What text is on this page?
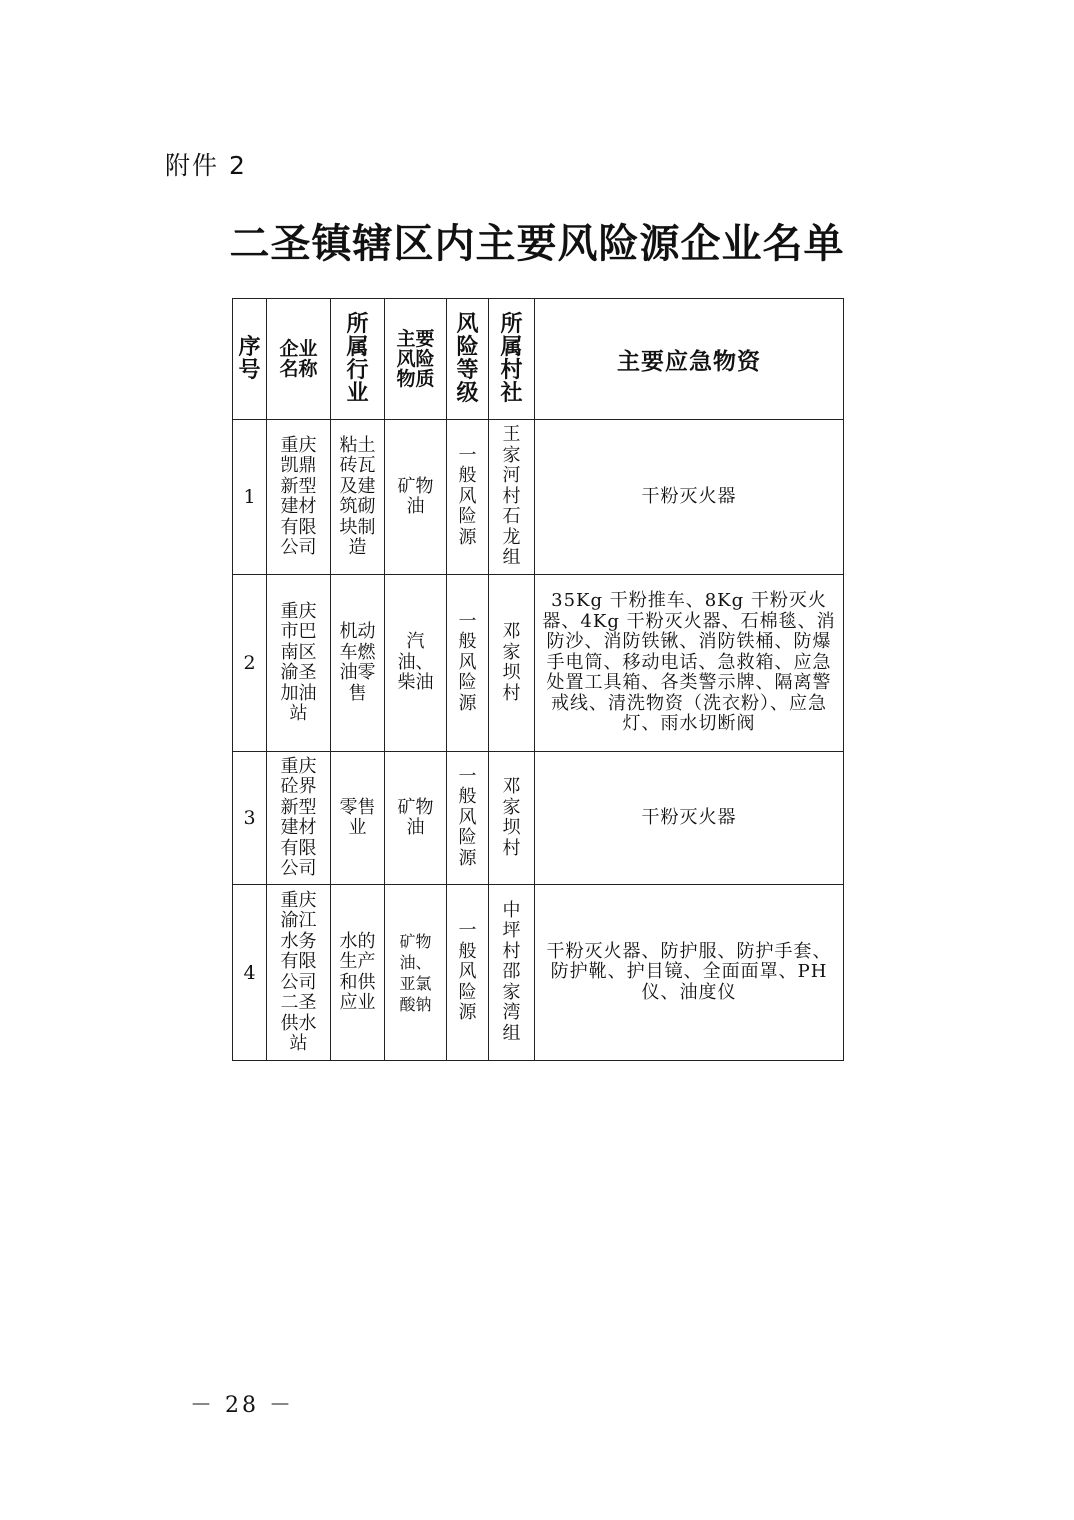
附件 2
二圣镇辖区内主要风险源企业名单
序号	企业名称	所属行业	主要风险物质	风险等级	所属村社	主要应急物资
1	重庆凯鼎新型建材有限公司	粘土砖瓦及建筑砌块制造	矿物油	一般风险源	王家河村石龙组	干粉灭火器

2	重庆市巴南区渝圣加油站	机动车燃油零售	汽油、柴油	一般风险源	邓家坝村	35Kg 干粉推车、8Kg 干粉灭火器、4Kg 干粉灭火器、石棉毯、消防沙、消防铁锹、消防铁桶、防爆手电筒、移动电话、急救箱、应急处置工具箱、各类警示牌、隔离警戒线、清洗物资（洗衣粉）、应急灯、雨水切断阀

3	重庆砼界新型建材有限公司	零售业	矿物油	一般风险源	邓家坝村	干粉灭火器

4	重庆渝江水务有限公司二圣供水站	水的生产和供应业	矿物油、亚氯酸钠	一般风险源	中坪村邵家湾组	干粉灭火器、防护服、防护手套、防护靴、护目镜、全面面罩、PH 仪、油度仪
－ 28 －
